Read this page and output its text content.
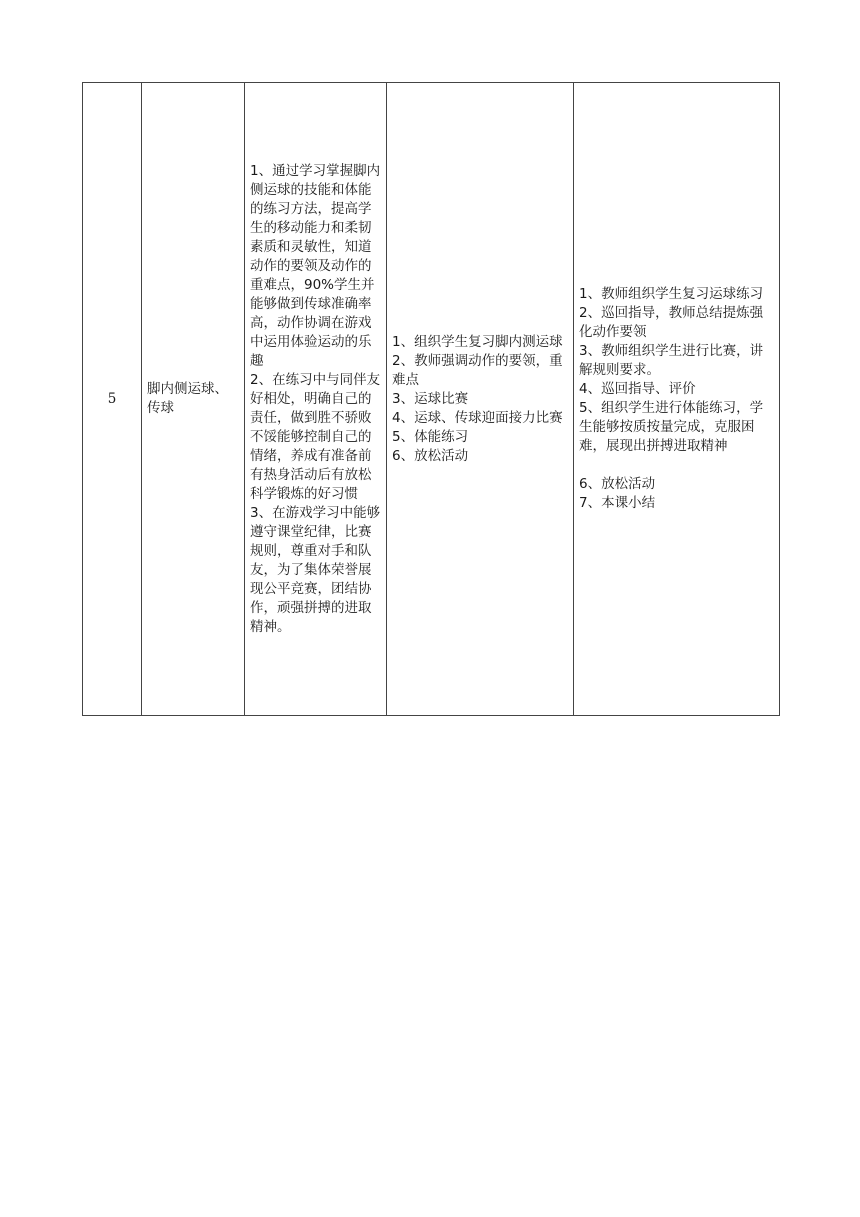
5	脚内侧运球、传球	
1、通过学习掌握脚内侧运球的技能和体能的练习方法，提高学生的移动能力和柔韧素质和灵敏性，知道动作的要领及动作的重难点，90%学生并能够做到传球准确率高，动作协调在游戏中运用体验运动的乐趣
2、在练习中与同伴友好相处，明确自己的责任，做到胜不骄败不馁能够控制自己的情绪，养成有准备前有热身活动后有放松科学锻炼的好习惯
3、在游戏学习中能够遵守课堂纪律，比赛规则，尊重对手和队友，为了集体荣誉展现公平竞赛，团结协作，顽强拼搏的进取精神。

1、组织学生复习脚内测运球
2、教师强调动作的要领，重难点
3、运球比赛
4、运球、传球迎面接力比赛
5、体能练习
6、放松活动

1、教师组织学生复习运球练习
2、巡回指导，教师总结提炼强化动作要领
3、教师组织学生进行比赛，讲解规则要求。
4、巡回指导、评价
5、组织学生进行体能练习，学生能够按质按量完成，克服困难，展现出拼搏进取精神
6、放松活动
7、本课小结
